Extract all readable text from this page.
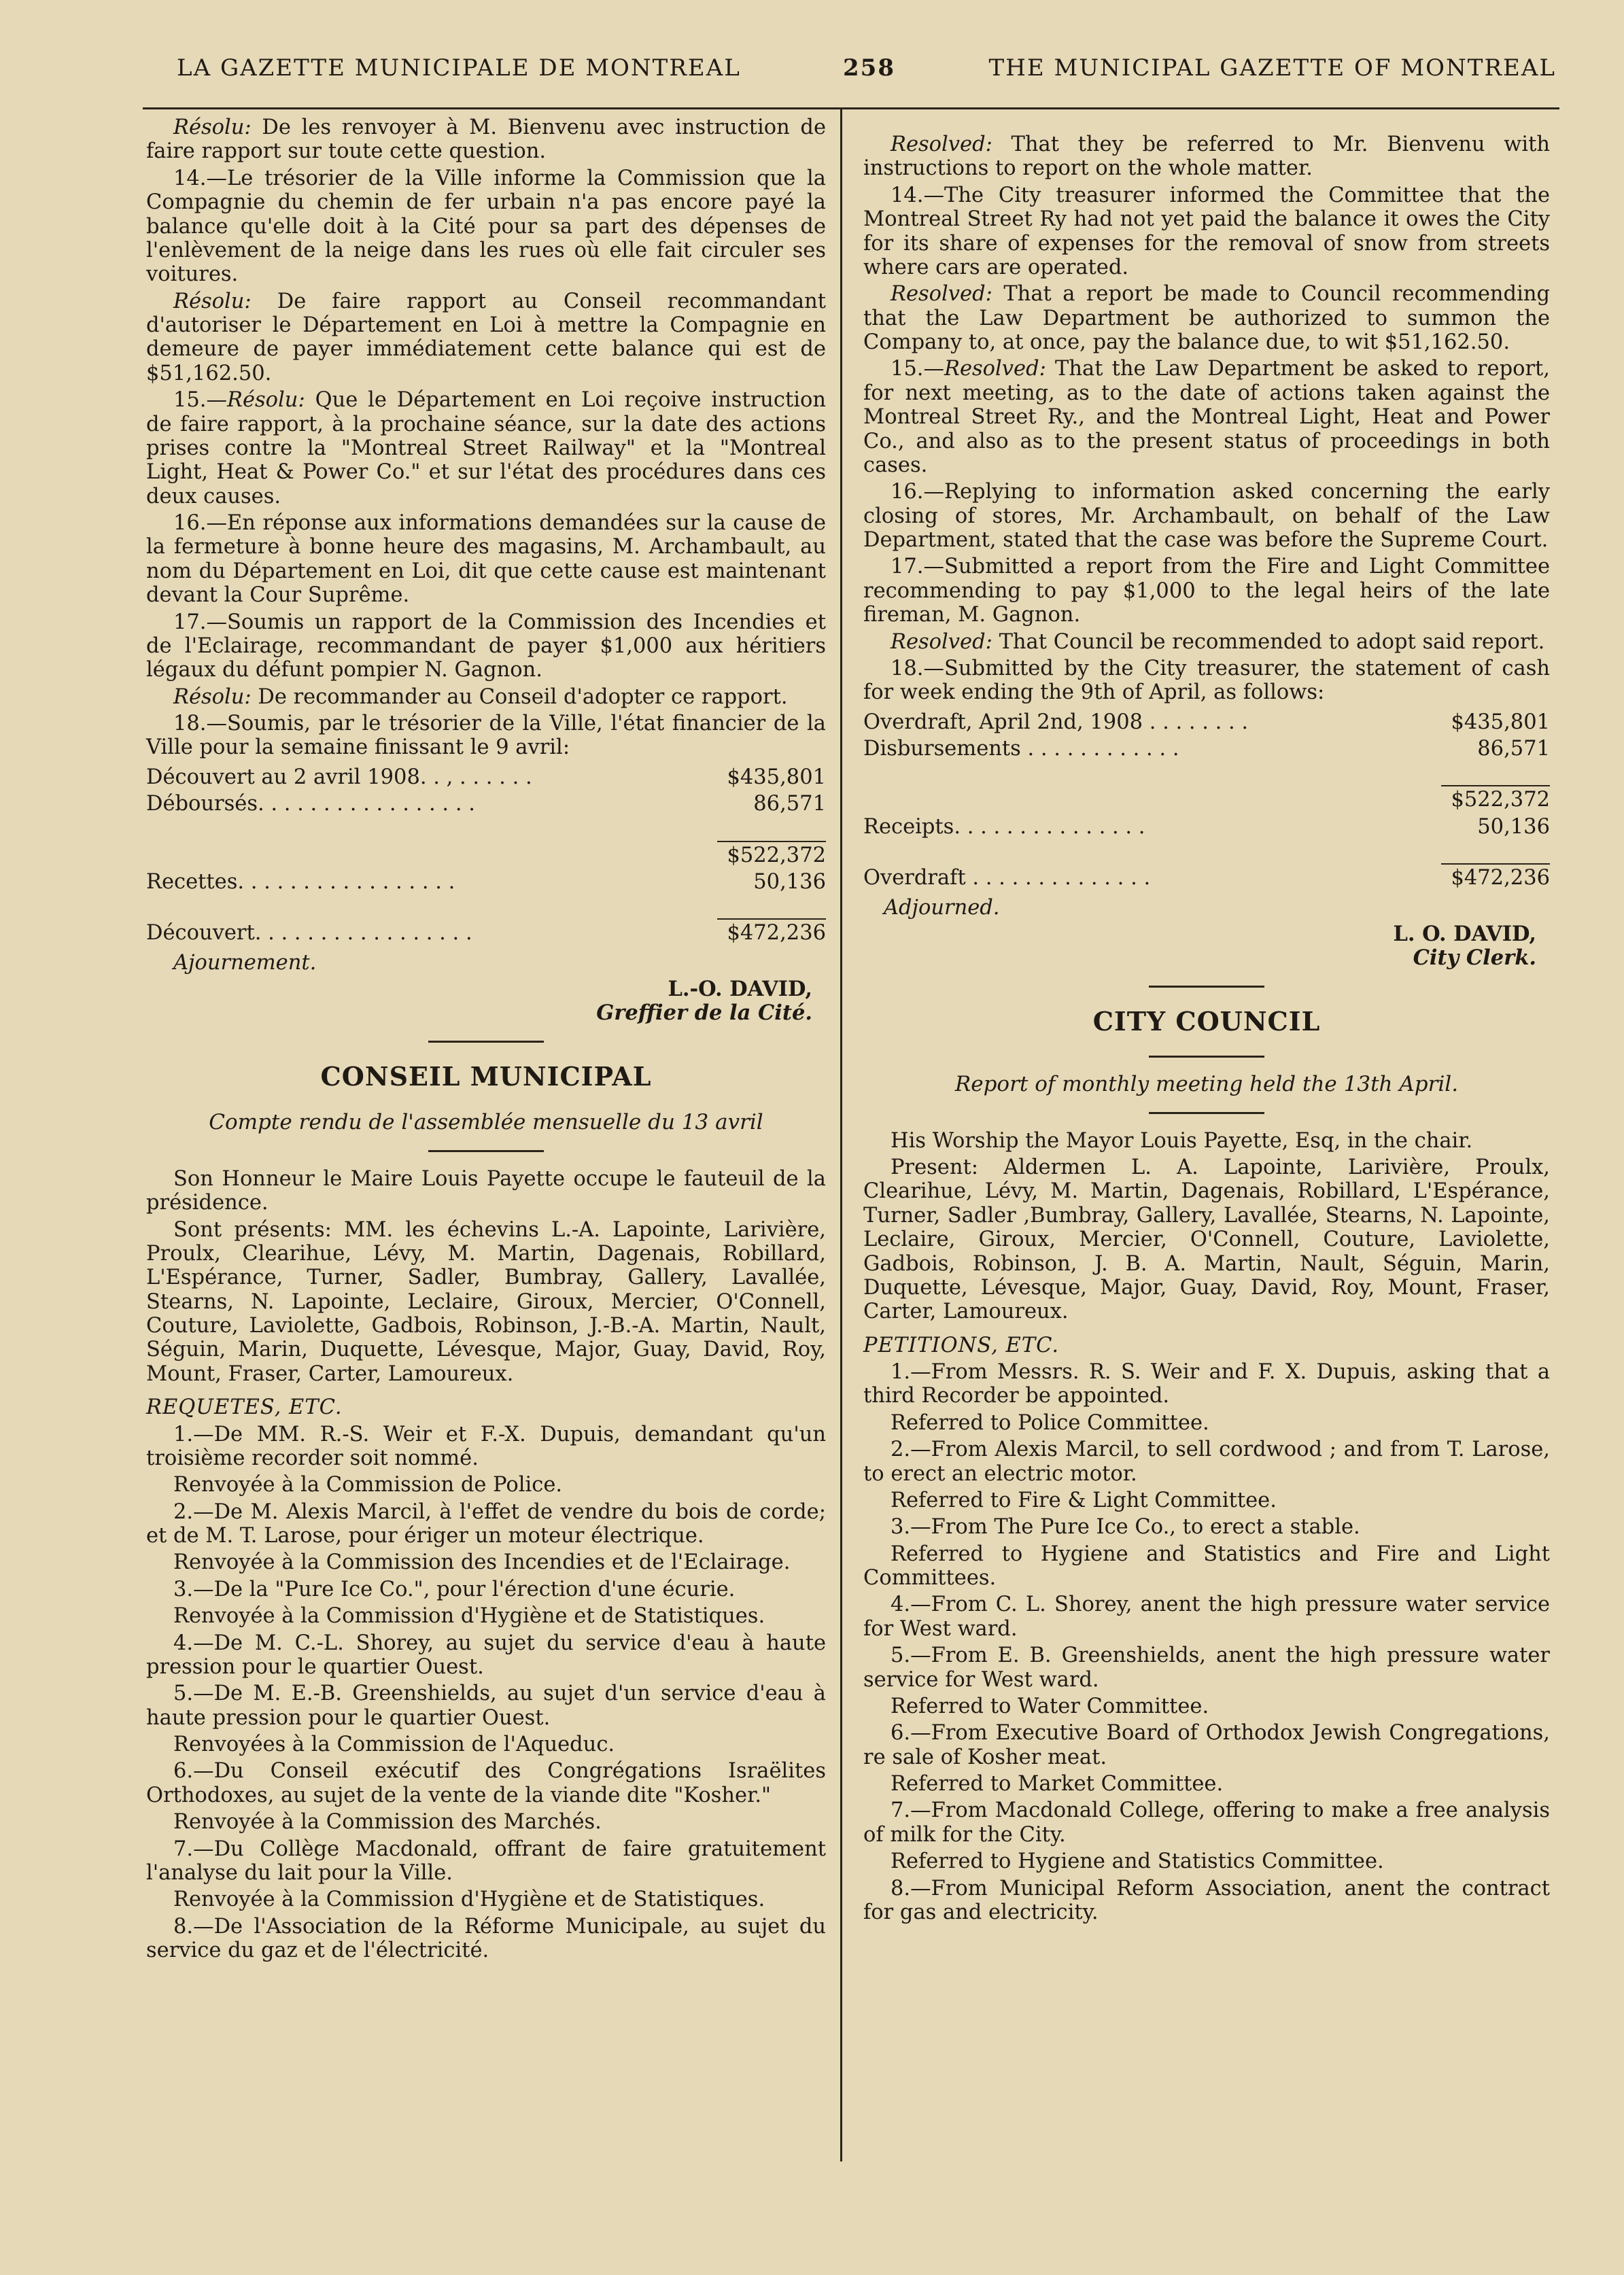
LA GAZETTE MUNICIPALE DE MONTREAL	258	THE MUNICIPAL GAZETTE OF MONTREAL

Résolu: De les renvoyer à M. Bienvenu avec instruction de faire rapport sur toute cette question.

14.—Le trésorier de la Ville informe la Commission que la Compagnie du chemin de fer urbain n'a pas encore payé la balance qu'elle doit à la Cité pour sa part des dépenses de l'enlèvement de la neige dans les rues où elle fait circuler ses voitures.

Résolu: De faire rapport au Conseil recommandant d'autoriser le Département en Loi à mettre la Compagnie en demeure de payer immédiatement cette balance qui est de $51,162.50.

15.—Résolu: Que le Département en Loi reçoive instruction de faire rapport, à la prochaine séance, sur la date des actions prises contre la "Montreal Street Railway" et la "Montreal Light, Heat & Power Co." et sur l'état des procédures dans ces deux causes.

16.—En réponse aux informations demandées sur la cause de la fermeture à bonne heure des magasins, M. Archambault, au nom du Département en Loi, dit que cette cause est maintenant devant la Cour Suprême.

17.—Soumis un rapport de la Commission des Incendies et de l'Eclairage, recommandant de payer $1,000 aux héritiers légaux du défunt pompier N. Gagnon.

Résolu: De recommander au Conseil d'adopter ce rapport.

18.—Soumis, par le trésorier de la Ville, l'état financier de la Ville pour la semaine finissant le 9 avril:

Découvert au 2 avril 1908. . , . . . . . .	$435,801
Déboursés. . . . . . . . . . . . . . . . .	86,571

	$522,372
Recettes. . . . . . . . . . . . . . . . .	50,136

Découvert. . . . . . . . . . . . . . . . .	$472,236

Ajournement.

L.-O. DAVID,
Greffier de la Cité.
CONSEIL MUNICIPAL
Compte rendu de l'assemblée mensuelle du 13 avril

Son Honneur le Maire Louis Payette occupe le fauteuil de la présidence.

Sont présents: MM. les échevins L.-A. Lapointe, Larivière, Proulx, Clearihue, Lévy, M. Martin, Dagenais, Robillard, L'Espérance, Turner, Sadler, Bumbray, Gallery, Lavallée, Stearns, N. Lapointe, Leclaire, Giroux, Mercier, O'Connell, Couture, Laviolette, Gadbois, Robinson, J.-B.-A. Martin, Nault, Séguin, Marin, Duquette, Lévesque, Major, Guay, David, Roy, Mount, Fraser, Carter, Lamoureux.

REQUETES, ETC.

1.—De MM. R.-S. Weir et F.-X. Dupuis, demandant qu'un troisième recorder soit nommé.

Renvoyée à la Commission de Police.

2.—De M. Alexis Marcil, à l'effet de vendre du bois de corde; et de M. T. Larose, pour ériger un moteur électrique.

Renvoyée à la Commission des Incendies et de l'Eclairage.

3.—De la "Pure Ice Co.", pour l'érection d'une écurie.

Renvoyée à la Commission d'Hygiène et de Statistiques.

4.—De M. C.-L. Shorey, au sujet du service d'eau à haute pression pour le quartier Ouest.

5.—De M. E.-B. Greenshields, au sujet d'un service d'eau à haute pression pour le quartier Ouest.

Renvoyées à la Commission de l'Aqueduc.

6.—Du Conseil exécutif des Congrégations Israëlites Orthodoxes, au sujet de la vente de la viande dite "Kosher."

Renvoyée à la Commission des Marchés.

7.—Du Collège Macdonald, offrant de faire gratuitement l'analyse du lait pour la Ville.

Renvoyée à la Commission d'Hygiène et de Statistiques.

8.—De l'Association de la Réforme Municipale, au sujet du service du gaz et de l'électricité.

Resolved: That they be referred to Mr. Bienvenu with instructions to report on the whole matter.

14.—The City treasurer informed the Committee that the Montreal Street Ry had not yet paid the balance it owes the City for its share of expenses for the removal of snow from streets where cars are operated.

Resolved: That a report be made to Council recommending that the Law Department be authorized to summon the Company to, at once, pay the balance due, to wit $51,162.50.

15.—Resolved: That the Law Department be asked to report, for next meeting, as to the date of actions taken against the Montreal Street Ry., and the Montreal Light, Heat and Power Co., and also as to the present status of proceedings in both cases.

16.—Replying to information asked concerning the early closing of stores, Mr. Archambault, on behalf of the Law Department, stated that the case was before the Supreme Court.

17.—Submitted a report from the Fire and Light Committee recommending to pay $1,000 to the legal heirs of the late fireman, M. Gagnon.

Resolved: That Council be recommended to adopt said report.

18.—Submitted by the City treasurer, the statement of cash for week ending the 9th of April, as follows:

Overdraft, April 2nd, 1908 . . . . . . . .	$435,801
Disbursements . . . . . . . . . . . .	86,571

	$522,372
Receipts. . . . . . . . . . . . . . .	50,136

Overdraft . . . . . . . . . . . . . .	$472,236

Adjourned.

L. O. DAVID,
City Clerk.
CITY COUNCIL
Report of monthly meeting held the 13th April.

His Worship the Mayor Louis Payette, Esq, in the chair.

Present: Aldermen L. A. Lapointe, Larivière, Proulx, Clearihue, Lévy, M. Martin, Dagenais, Robillard, L'Espérance, Turner, Sadler ,Bumbray, Gallery, Lavallée, Stearns, N. Lapointe, Leclaire, Giroux, Mercier, O'Connell, Couture, Laviolette, Gadbois, Robinson, J. B. A. Martin, Nault, Séguin, Marin, Duquette, Lévesque, Major, Guay, David, Roy, Mount, Fraser, Carter, Lamoureux.

PETITIONS, ETC.

1.—From Messrs. R. S. Weir and F. X. Dupuis, asking that a third Recorder be appointed.

Referred to Police Committee.

2.—From Alexis Marcil, to sell cordwood ; and from T. Larose, to erect an electric motor.

Referred to Fire & Light Committee.

3.—From The Pure Ice Co., to erect a stable.

Referred to Hygiene and Statistics and Fire and Light Committees.

4.—From C. L. Shorey, anent the high pressure water service for West ward.

5.—From E. B. Greenshields, anent the high pressure water service for West ward.

Referred to Water Committee.

6.—From Executive Board of Orthodox Jewish Congregations, re sale of Kosher meat.

Referred to Market Committee.

7.—From Macdonald College, offering to make a free analysis of milk for the City.

Referred to Hygiene and Statistics Committee.

8.—From Municipal Reform Association, anent the contract for gas and electricity.
